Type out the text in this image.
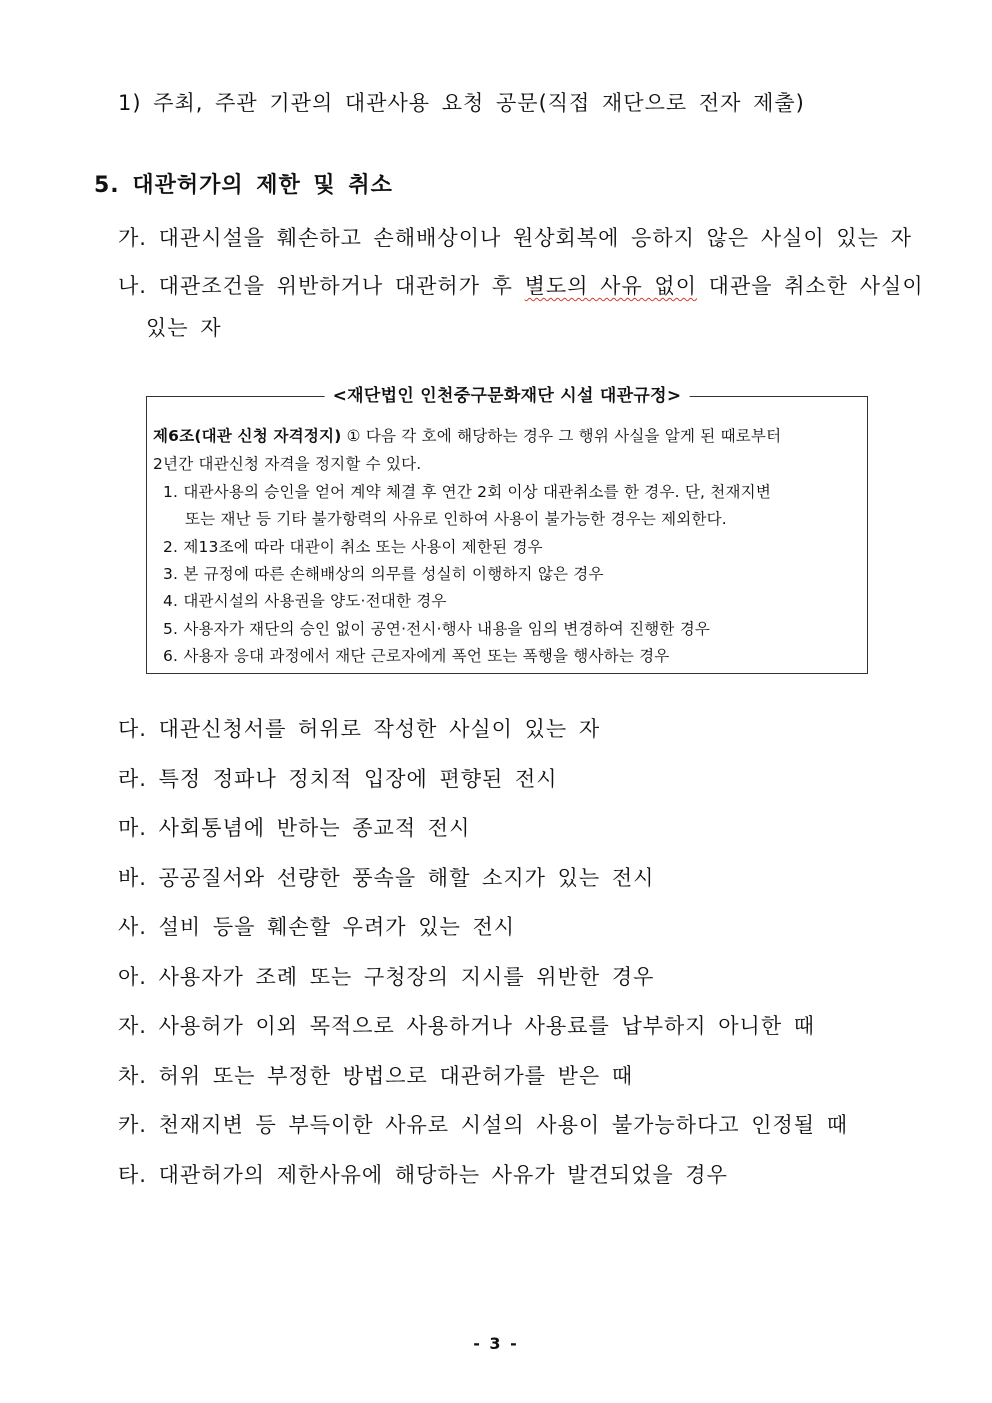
1) 주최, 주관 기관의 대관사용 요청 공문(직접 재단으로 전자 제출)
5. 대관허가의 제한 및 취소
가. 대관시설을 훼손하고 손해배상이나 원상회복에 응하지 않은 사실이 있는 자
나. 대관조건을 위반하거나 대관허가 후 별도의 사유 없이 대관을 취소한 사실이
있는 자
<재단법인 인천중구문화재단 시설 대관규정>
제6조(대관 신청 자격정지) ① 다음 각 호에 해당하는 경우 그 행위 사실을 알게 된 때로부터
2년간 대관신청 자격을 정지할 수 있다.
1. 대관사용의 승인을 얻어 계약 체결 후 연간 2회 이상 대관취소를 한 경우. 단, 천재지변
또는 재난 등 기타 불가항력의 사유로 인하여 사용이 불가능한 경우는 제외한다.
2. 제13조에 따라 대관이 취소 또는 사용이 제한된 경우
3. 본 규정에 따른 손해배상의 의무를 성실히 이행하지 않은 경우
4. 대관시설의 사용권을 양도·전대한 경우
5. 사용자가 재단의 승인 없이 공연·전시·행사 내용을 임의 변경하여 진행한 경우
6. 사용자 응대 과정에서 재단 근로자에게 폭언 또는 폭행을 행사하는 경우
다. 대관신청서를 허위로 작성한 사실이 있는 자
라. 특정 정파나 정치적 입장에 편향된 전시
마. 사회통념에 반하는 종교적 전시
바. 공공질서와 선량한 풍속을 해할 소지가 있는 전시
사. 설비 등을 훼손할 우려가 있는 전시
아. 사용자가 조례 또는 구청장의 지시를 위반한 경우
자. 사용허가 이외 목적으로 사용하거나 사용료를 납부하지 아니한 때
차. 허위 또는 부정한 방법으로 대관허가를 받은 때
카. 천재지변 등 부득이한 사유로 시설의 사용이 불가능하다고 인정될 때
타. 대관허가의 제한사유에 해당하는 사유가 발견되었을 경우
- 3 -
